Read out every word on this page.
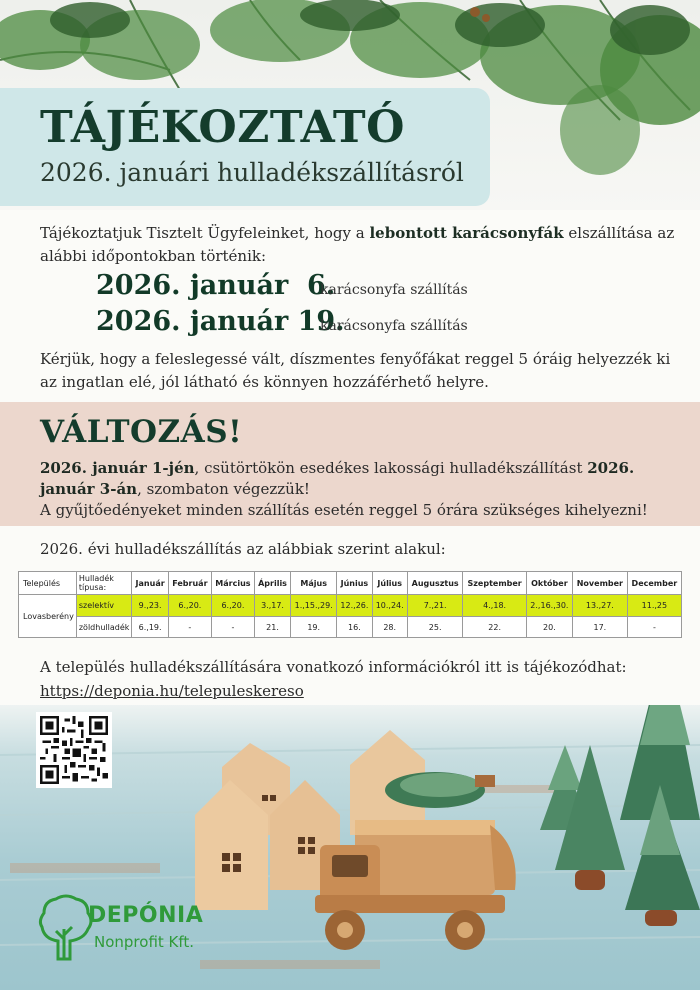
TÁJÉKOZTATÓ
2026. januári hulladékszállításról

Tájékoztatjuk Tisztelt Ügyfeleinket, hogy a lebontott karácsonyfák elszállítása az alábbi időpontokban történik:

2026. január  6.
karácsonyfa szállítás
2026. január 19.
karácsonyfa szállítás

Kérjük, hogy a feleslegessé vált, díszmentes fenyőfákat reggel 5 óráig helyezzék ki az ingatlan elé, jól látható és könnyen hozzáférhető helyre.

VÁLTOZÁS!
2026. január 1-jén, csütörtökön esedékes lakossági hulladékszállítást 2026. január 3-án, szombaton végezzük!
A gyűjtőedényeket minden szállítás esetén reggel 5 órára szükséges kihelyezni!
2026. évi hulladékszállítás az alábbiak szerint alakul:
Település	Hulladék típusa:	Január	Február	Március	Április	Május	Június	Július	Augusztus	Szeptember	Október	November	December
Lovasberény	szelektív	9.,23.	6.,20.	6.,20.	3.,17.	1.,15.,29.	12.,26.	10.,24.	7.,21.	4.,18.	2.,16.,30.	13.,27.	11.,25
	zöldhulladék	6.,19.	-	-	21.	19.	16.	28.	25.	22.	20.	17.	-

A település hulladékszállítására vonatkozó információkról itt is tájékozódhat:
https://deponia.hu/telepuleskereso

DEPÓNIA
Nonprofit Kft.
